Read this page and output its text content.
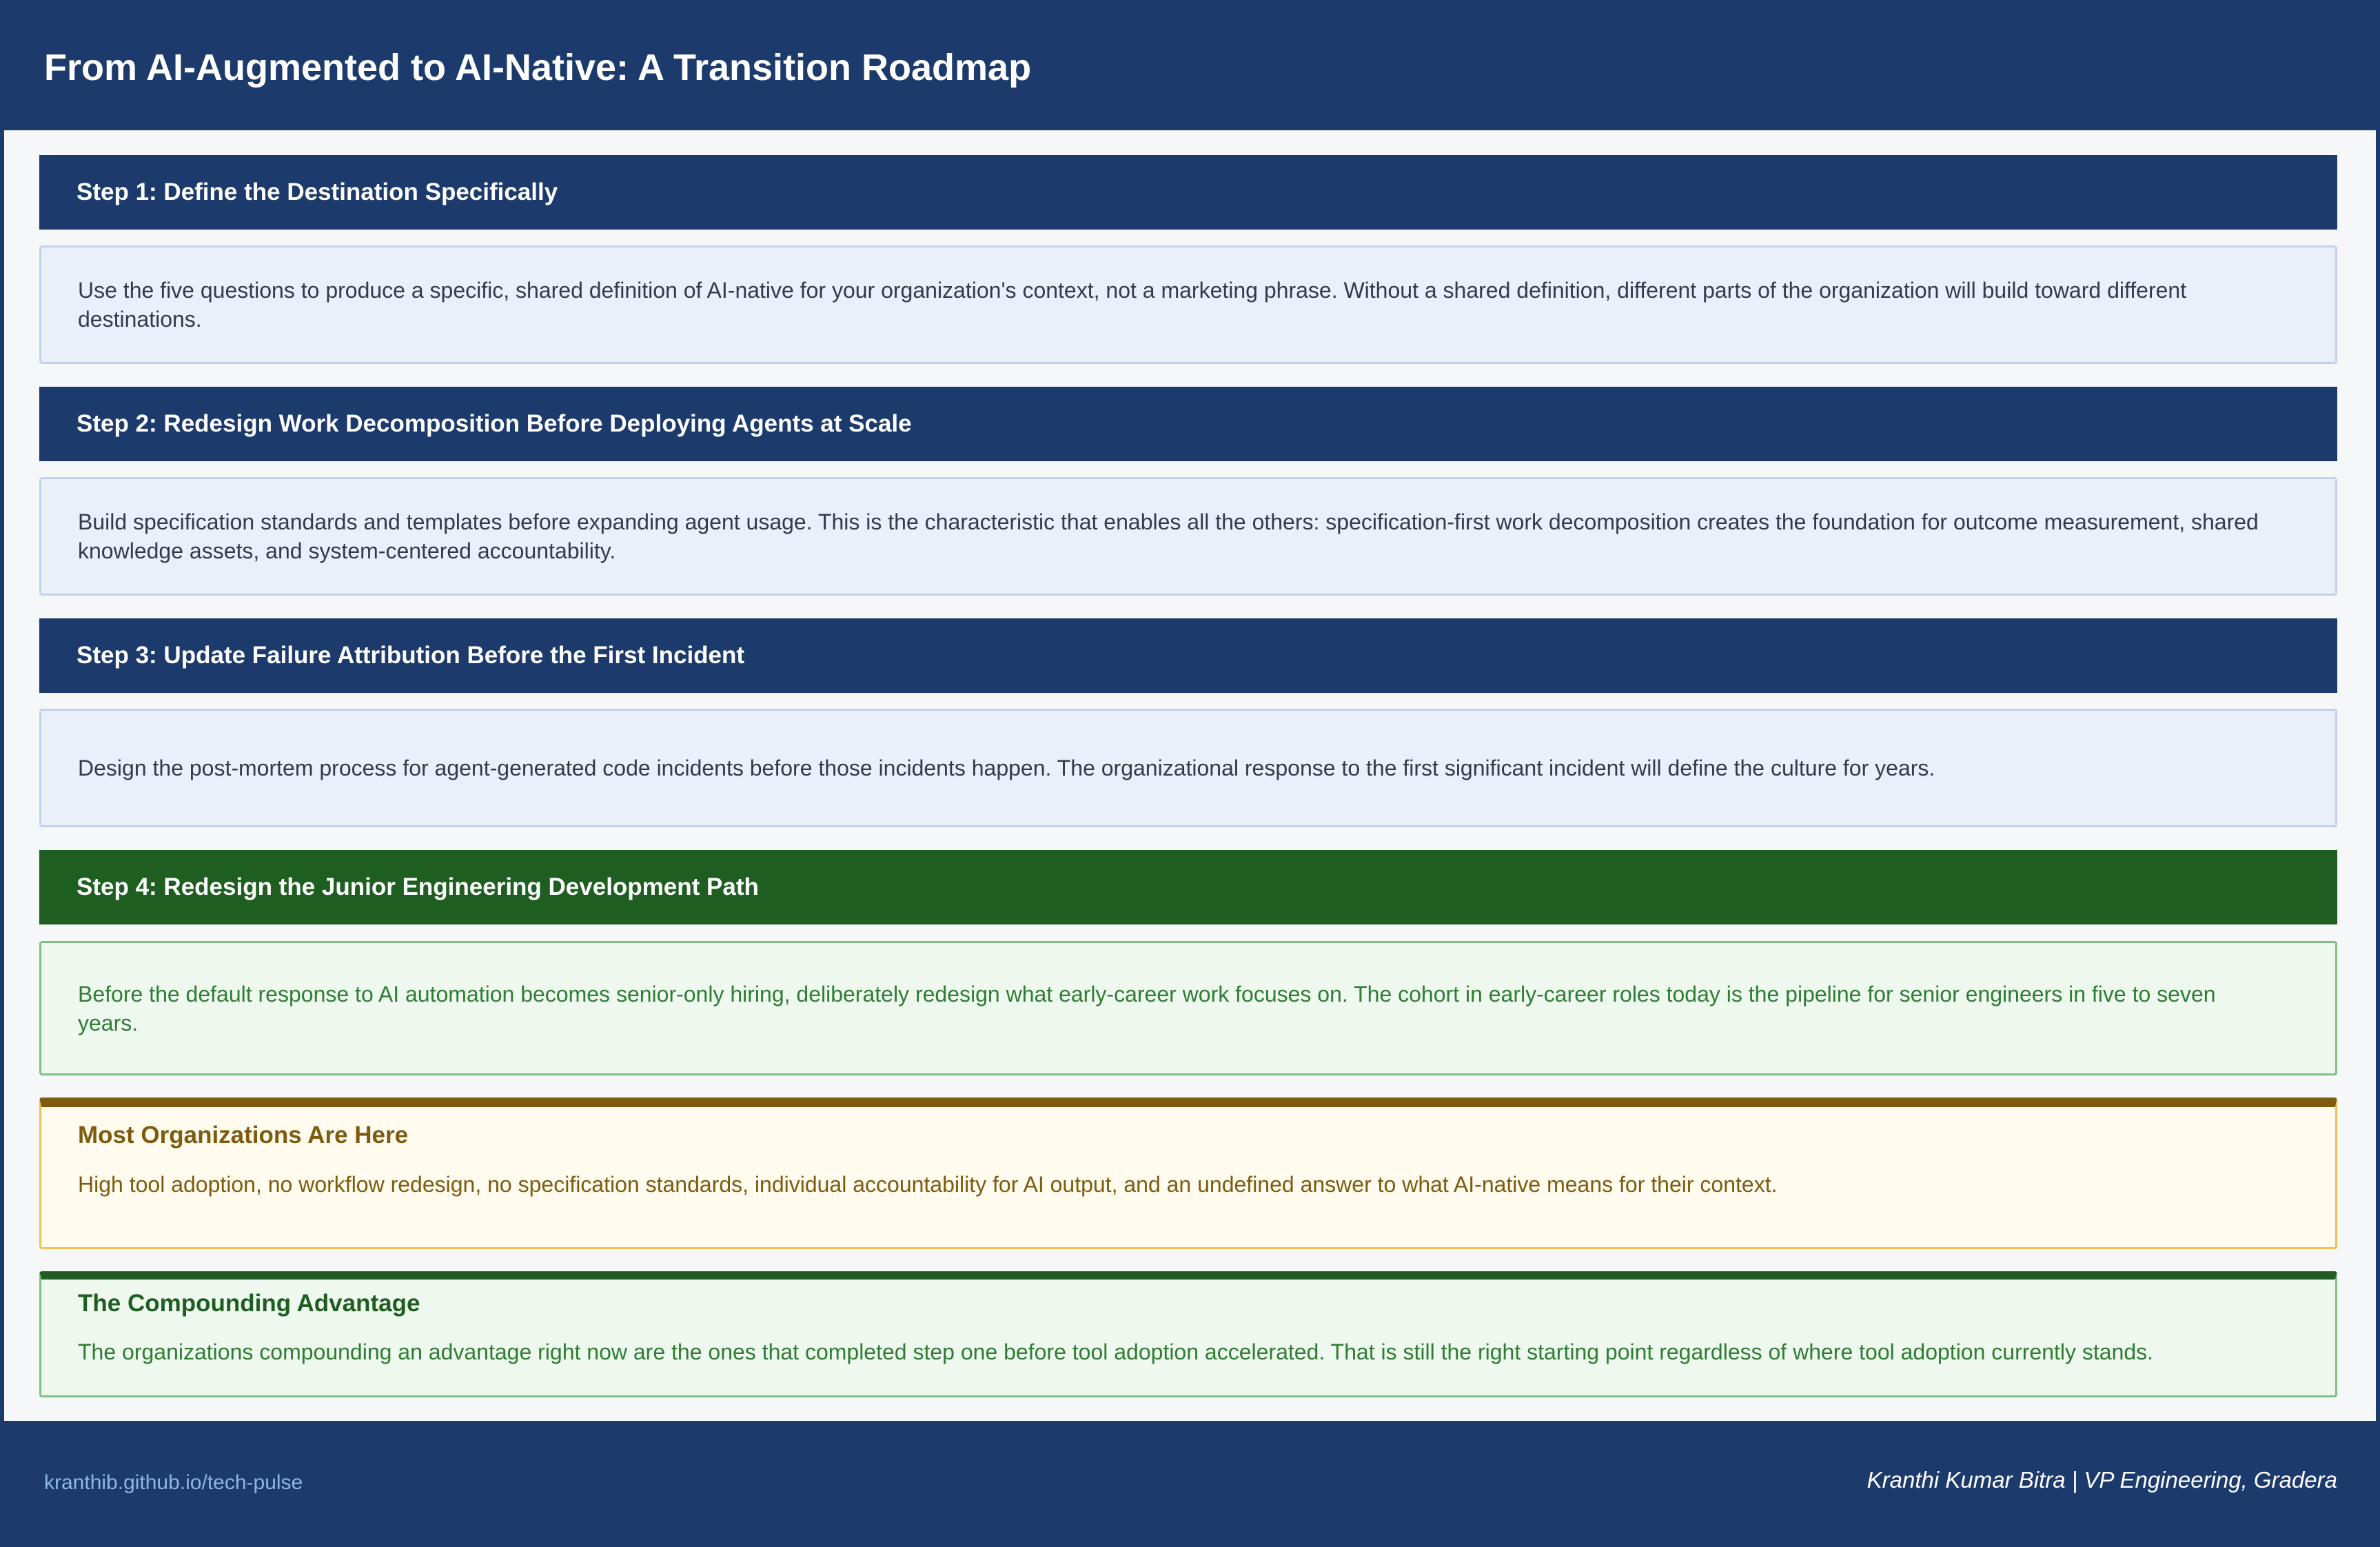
From AI-Augmented to AI-Native: A Transition Roadmap
Step 1: Define the Destination Specifically
Use the five questions to produce a specific, shared definition of AI-native for your organization's context, not a marketing phrase. Without a shared definition, different parts of the organization will build toward different destinations.
Step 2: Redesign Work Decomposition Before Deploying Agents at Scale
Build specification standards and templates before expanding agent usage. This is the characteristic that enables all the others: specification-first work decomposition creates the foundation for outcome measurement, shared knowledge assets, and system-centered accountability.
Step 3: Update Failure Attribution Before the First Incident
Design the post-mortem process for agent-generated code incidents before those incidents happen. The organizational response to the first significant incident will define the culture for years.
Step 4: Redesign the Junior Engineering Development Path
Before the default response to AI automation becomes senior-only hiring, deliberately redesign what early-career work focuses on. The cohort in early-career roles today is the pipeline for senior engineers in five to seven years.
Most Organizations Are Here
High tool adoption, no workflow redesign, no specification standards, individual accountability for AI output, and an undefined answer to what AI-native means for their context.
The Compounding Advantage
The organizations compounding an advantage right now are the ones that completed step one before tool adoption accelerated. That is still the right starting point regardless of where tool adoption currently stands.
kranthib.github.io/tech-pulse	Kranthi Kumar Bitra | VP Engineering, Gradera
